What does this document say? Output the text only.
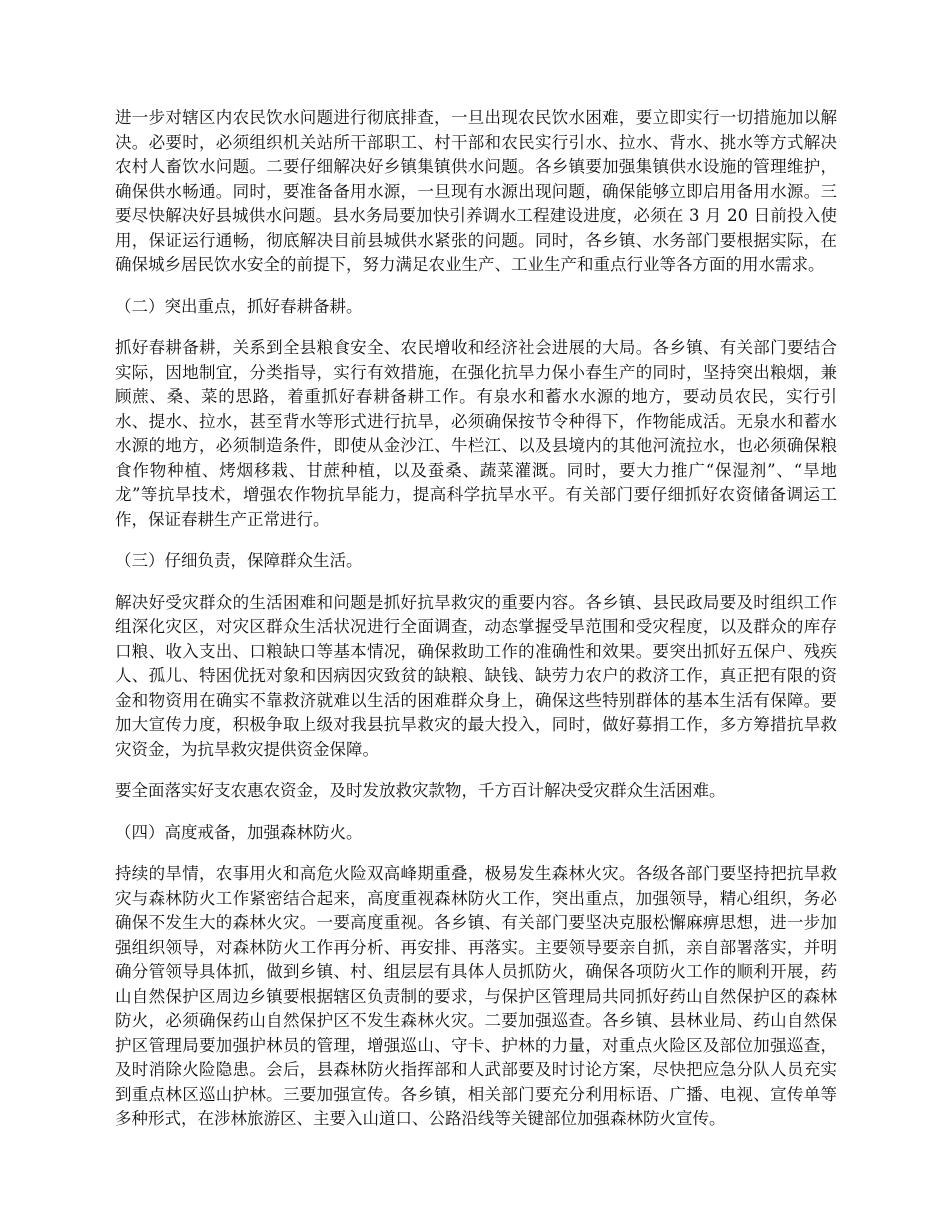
进一步对辖区内农民饮水问题进行彻底排查，一旦出现农民饮水困难，要立即实行一切措施加以解决。必要时，必须组织机关站所干部职工、村干部和农民实行引水、拉水、背水、挑水等方式解决农村人畜饮水问题。二要仔细解决好乡镇集镇供水问题。各乡镇要加强集镇供水设施的管理维护，确保供水畅通。同时，要准备备用水源，一旦现有水源出现问题，确保能够立即启用备用水源。三要尽快解决好县城供水问题。县水务局要加快引养调水工程建设进度，必须在 3 月 20 日前投入使用，保证运行通畅，彻底解决目前县城供水紧张的问题。同时，各乡镇、水务部门要根据实际，在确保城乡居民饮水安全的前提下，努力满足农业生产、工业生产和重点行业等各方面的用水需求。

（二）突出重点，抓好春耕备耕。

抓好春耕备耕，关系到全县粮食安全、农民增收和经济社会进展的大局。各乡镇、有关部门要结合实际，因地制宜，分类指导，实行有效措施，在强化抗旱力保小春生产的同时，坚持突出粮烟，兼顾蔗、桑、菜的思路，着重抓好春耕备耕工作。有泉水和蓄水水源的地方，要动员农民，实行引水、提水、拉水，甚至背水等形式进行抗旱，必须确保按节令种得下，作物能成活。无泉水和蓄水水源的地方，必须制造条件，即使从金沙江、牛栏江、以及县境内的其他河流拉水，也必须确保粮食作物种植、烤烟移栽、甘蔗种植，以及蚕桑、蔬菜灌溉。同时，要大力推广“保湿剂”、“旱地龙”等抗旱技术，增强农作物抗旱能力，提高科学抗旱水平。有关部门要仔细抓好农资储备调运工作，保证春耕生产正常进行。

（三）仔细负责，保障群众生活。

解决好受灾群众的生活困难和问题是抓好抗旱救灾的重要内容。各乡镇、县民政局要及时组织工作组深化灾区，对灾区群众生活状况进行全面调查，动态掌握受旱范围和受灾程度，以及群众的库存口粮、收入支出、口粮缺口等基本情况，确保救助工作的准确性和效果。要突出抓好五保户、残疾人、孤儿、特困优抚对象和因病因灾致贫的缺粮、缺钱、缺劳力农户的救济工作，真正把有限的资金和物资用在确实不靠救济就难以生活的困难群众身上，确保这些特别群体的基本生活有保障。要加大宣传力度，积极争取上级对我县抗旱救灾的最大投入，同时，做好募捐工作，多方筹措抗旱救灾资金，为抗旱救灾提供资金保障。

要全面落实好支农惠农资金，及时发放救灾款物，千方百计解决受灾群众生活困难。

（四）高度戒备，加强森林防火。

持续的旱情，农事用火和高危火险双高峰期重叠，极易发生森林火灾。各级各部门要坚持把抗旱救灾与森林防火工作紧密结合起来，高度重视森林防火工作，突出重点，加强领导，精心组织，务必确保不发生大的森林火灾。一要高度重视。各乡镇、有关部门要坚决克服松懈麻痹思想，进一步加强组织领导，对森林防火工作再分析、再安排、再落实。主要领导要亲自抓，亲自部署落实，并明确分管领导具体抓，做到乡镇、村、组层层有具体人员抓防火，确保各项防火工作的顺利开展，药山自然保护区周边乡镇要根据辖区负责制的要求，与保护区管理局共同抓好药山自然保护区的森林防火，必须确保药山自然保护区不发生森林火灾。二要加强巡查。各乡镇、县林业局、药山自然保护区管理局要加强护林员的管理，增强巡山、守卡、护林的力量，对重点火险区及部位加强巡查，及时消除火险隐患。会后，县森林防火指挥部和人武部要及时讨论方案，尽快把应急分队人员充实到重点林区巡山护林。三要加强宣传。各乡镇，相关部门要充分利用标语、广播、电视、宣传单等多种形式，在涉林旅游区、主要入山道口、公路沿线等关键部位加强森林防火宣传。
